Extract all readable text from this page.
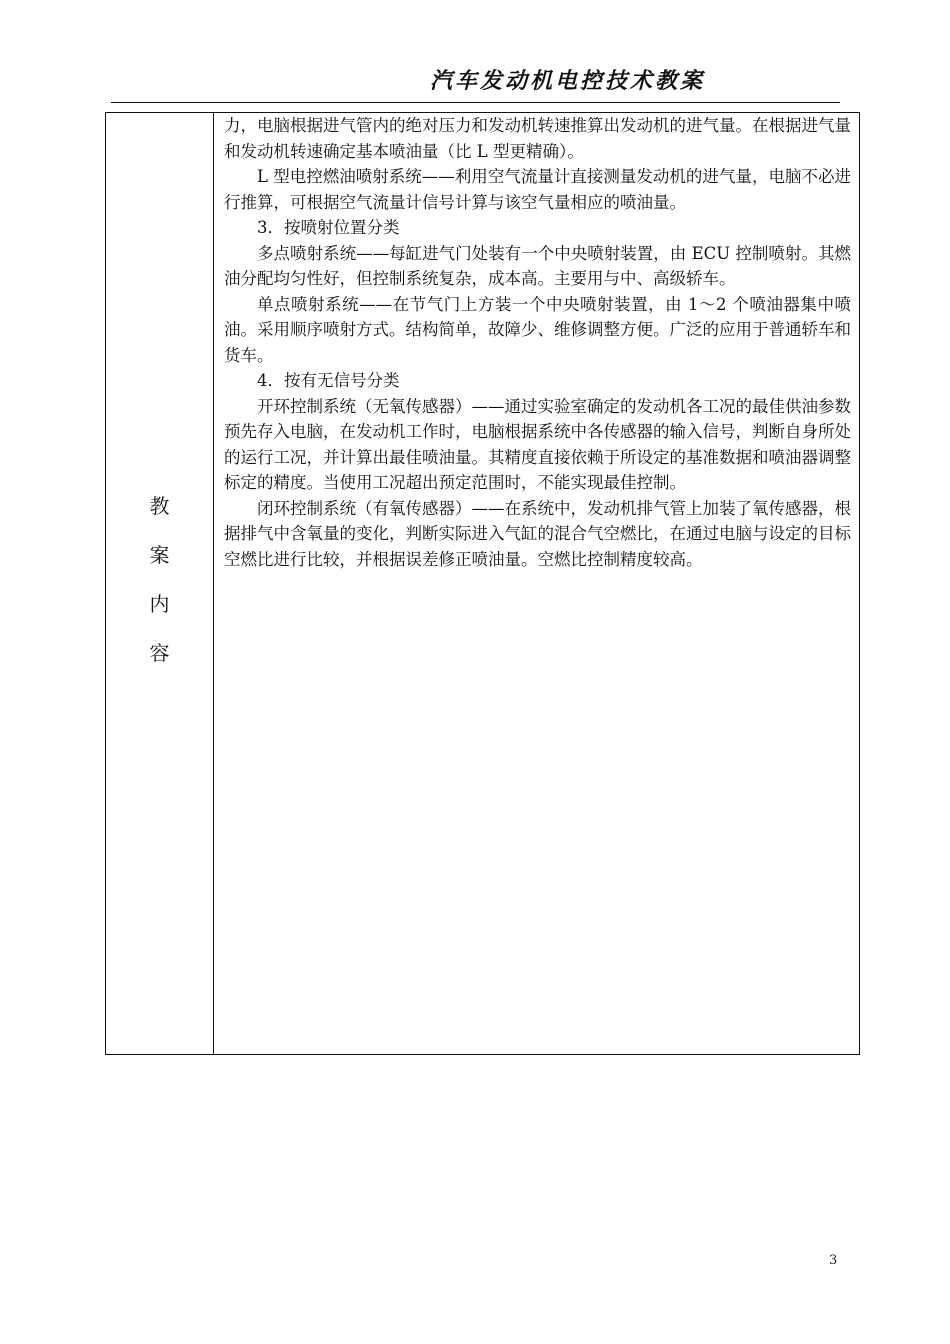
汽车发动机电控技术教案
教
案
内
容

力，电脑根据进气管内的绝对压力和发动机转速推算出发动机的进气量。在根据进气量和发动机转速确定基本喷油量（比 L 型更精确）。

L 型电控燃油喷射系统——利用空气流量计直接测量发动机的进气量，电脑不必进行推算，可根据空气流量计信号计算与该空气量相应的喷油量。

3．按喷射位置分类

多点喷射系统——每缸进气门处装有一个中央喷射装置，由 ECU 控制喷射。其燃油分配均匀性好，但控制系统复杂，成本高。主要用与中、高级轿车。

单点喷射系统——在节气门上方装一个中央喷射装置，由 1～2 个喷油器集中喷油。采用顺序喷射方式。结构简单，故障少、维修调整方便。广泛的应用于普通轿车和货车。

4．按有无信号分类

开环控制系统（无氧传感器）——通过实验室确定的发动机各工况的最佳供油参数预先存入电脑，在发动机工作时，电脑根据系统中各传感器的输入信号，判断自身所处的运行工况，并计算出最佳喷油量。其精度直接依赖于所设定的基准数据和喷油器调整标定的精度。当使用工况超出预定范围时，不能实现最佳控制。

闭环控制系统（有氧传感器）——在系统中，发动机排气管上加装了氧传感器，根据排气中含氧量的变化，判断实际进入气缸的混合气空燃比，在通过电脑与设定的目标空燃比进行比较，并根据误差修正喷油量。空燃比控制精度较高。

3
